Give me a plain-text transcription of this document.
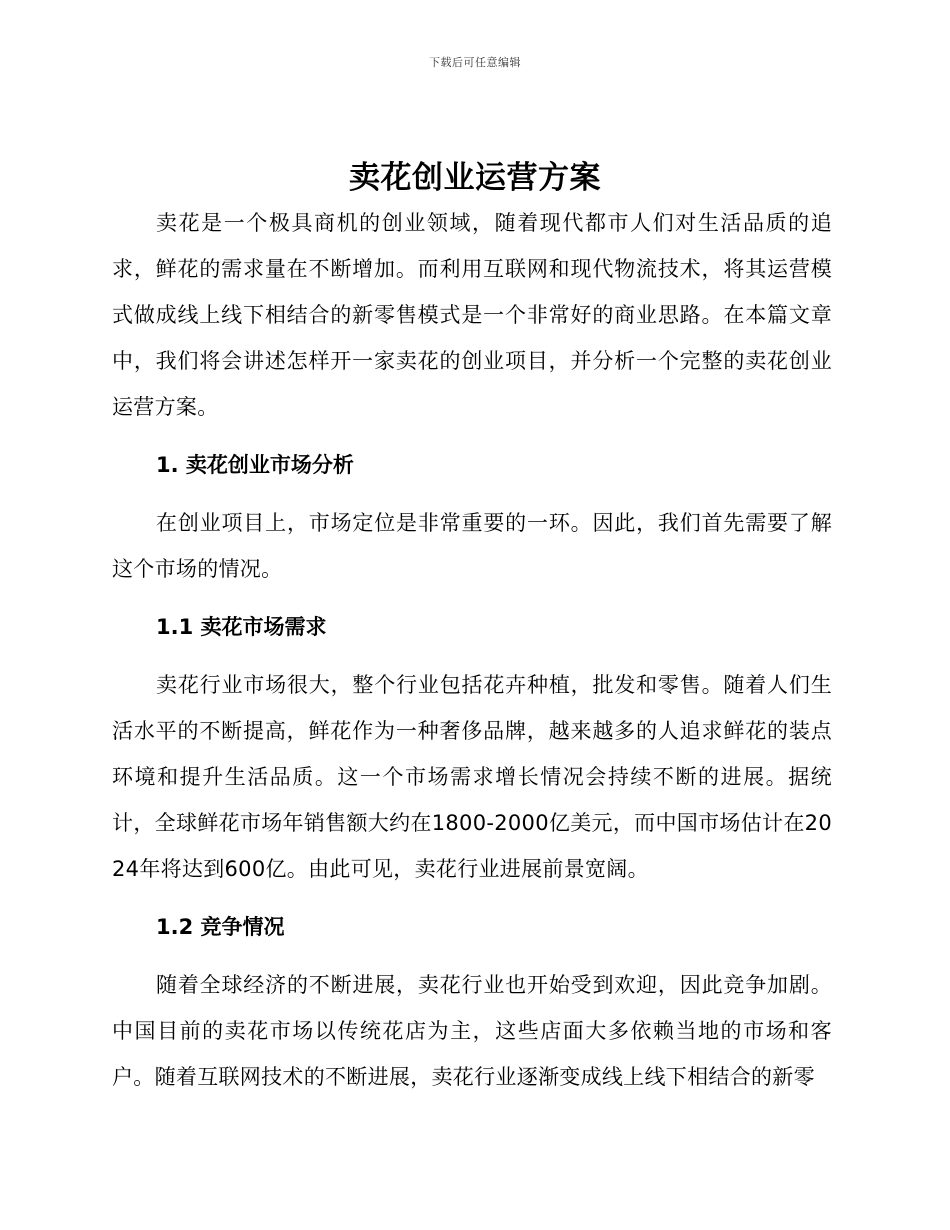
下载后可任意编辑
卖花创业运营方案

卖花是一个极具商机的创业领域，随着现代都市人们对生活品质的追求，鲜花的需求量在不断增加。而利用互联网和现代物流技术，将其运营模式做成线上线下相结合的新零售模式是一个非常好的商业思路。在本篇文章中，我们将会讲述怎样开一家卖花的创业项目，并分析一个完整的卖花创业运营方案。

1. 卖花创业市场分析

在创业项目上，市场定位是非常重要的一环。因此，我们首先需要了解这个市场的情况。

1.1 卖花市场需求

卖花行业市场很大，整个行业包括花卉种植，批发和零售。随着人们生活水平的不断提高，鲜花作为一种奢侈品牌，越来越多的人追求鲜花的装点环境和提升生活品质。这一个市场需求增长情况会持续不断的进展。据统计，全球鲜花市场年销售额大约在1800-2000亿美元，而中国市场估计在2024年将达到600亿。由此可见，卖花行业进展前景宽阔。

1.2 竞争情况

随着全球经济的不断进展，卖花行业也开始受到欢迎，因此竞争加剧。中国目前的卖花市场以传统花店为主，这些店面大多依赖当地的市场和客户。随着互联网技术的不断进展，卖花行业逐渐变成线上线下相结合的新零
